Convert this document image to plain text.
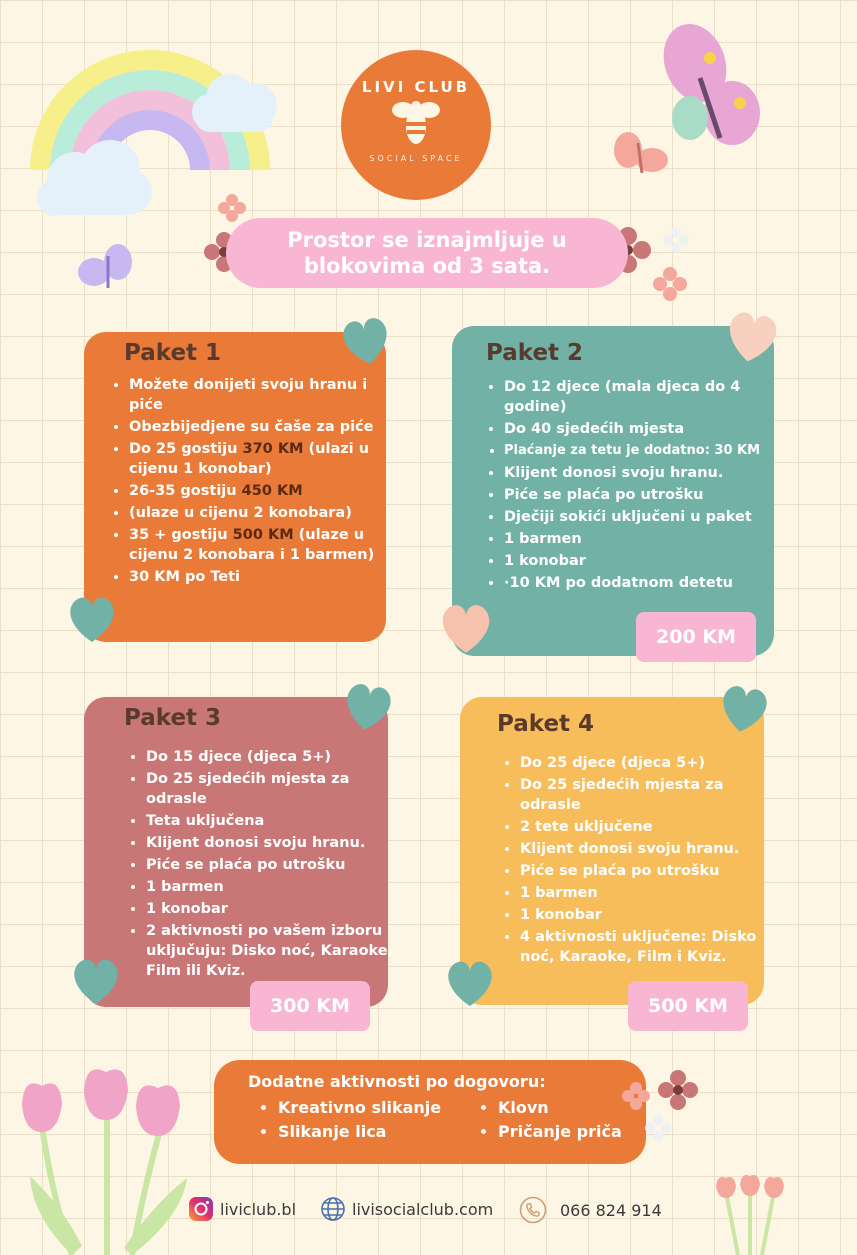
LIVI CLUB
SOCIAL SPACE
Prostor se iznajmljuje u
blokovima od 3 sata.
Paket 1
• Možete donijeti svoju hranu i piće
• Obezbijedjene su čaše za piće
• Do 25 gostiju 370 KM (ulazi u cijenu 1 konobar)
• 26-35 gostiju 450 KM
• (ulaze u cijenu 2 konobara)
• 35 + gostiju 500 KM (ulaze u cijenu 2 konobara i 1 barmen)
• 30 KM po Teti
Paket 2
• Do 12 djece (mala djeca do 4 godine)
• Do 40 sjedećih mjesta
• Plaćanje za tetu je dodatno: 30 KM
• Klijent donosi svoju hranu.
• Piće se plaća po utrošku
• Dječiji sokići uključeni u paket
• 1 barmen
• 1 konobar
• ·10 KM po dodatnom detetu
200 KM
Paket 3
• Do 15 djece (djeca 5+)
• Do 25 sjedećih mjesta za odrasle
• Teta uključena
• Klijent donosi svoju hranu.
• Piće se plaća po utrošku
• 1 barmen
• 1 konobar
• 2 aktivnosti po vašem izboru uključuju: Disko noć, Karaoke, Film ili Kviz.
300 KM
Paket 4
• Do 25 djece (djeca 5+)
• Do 25 sjedećih mjesta za odrasle
• 2 tete uključene
• Klijent donosi svoju hranu.
• Piće se plaća po utrošku
• 1 barmen
• 1 konobar
• 4 aktivnosti uključene: Disko noć, Karaoke, Film i Kviz.
500 KM
Dodatne aktivnosti po dogovoru:
• Kreativno slikanje
• Slikanje lica
• Klovn
• Pričanje priča
liviclub.bl	livisocialclub.com	066 824 914
